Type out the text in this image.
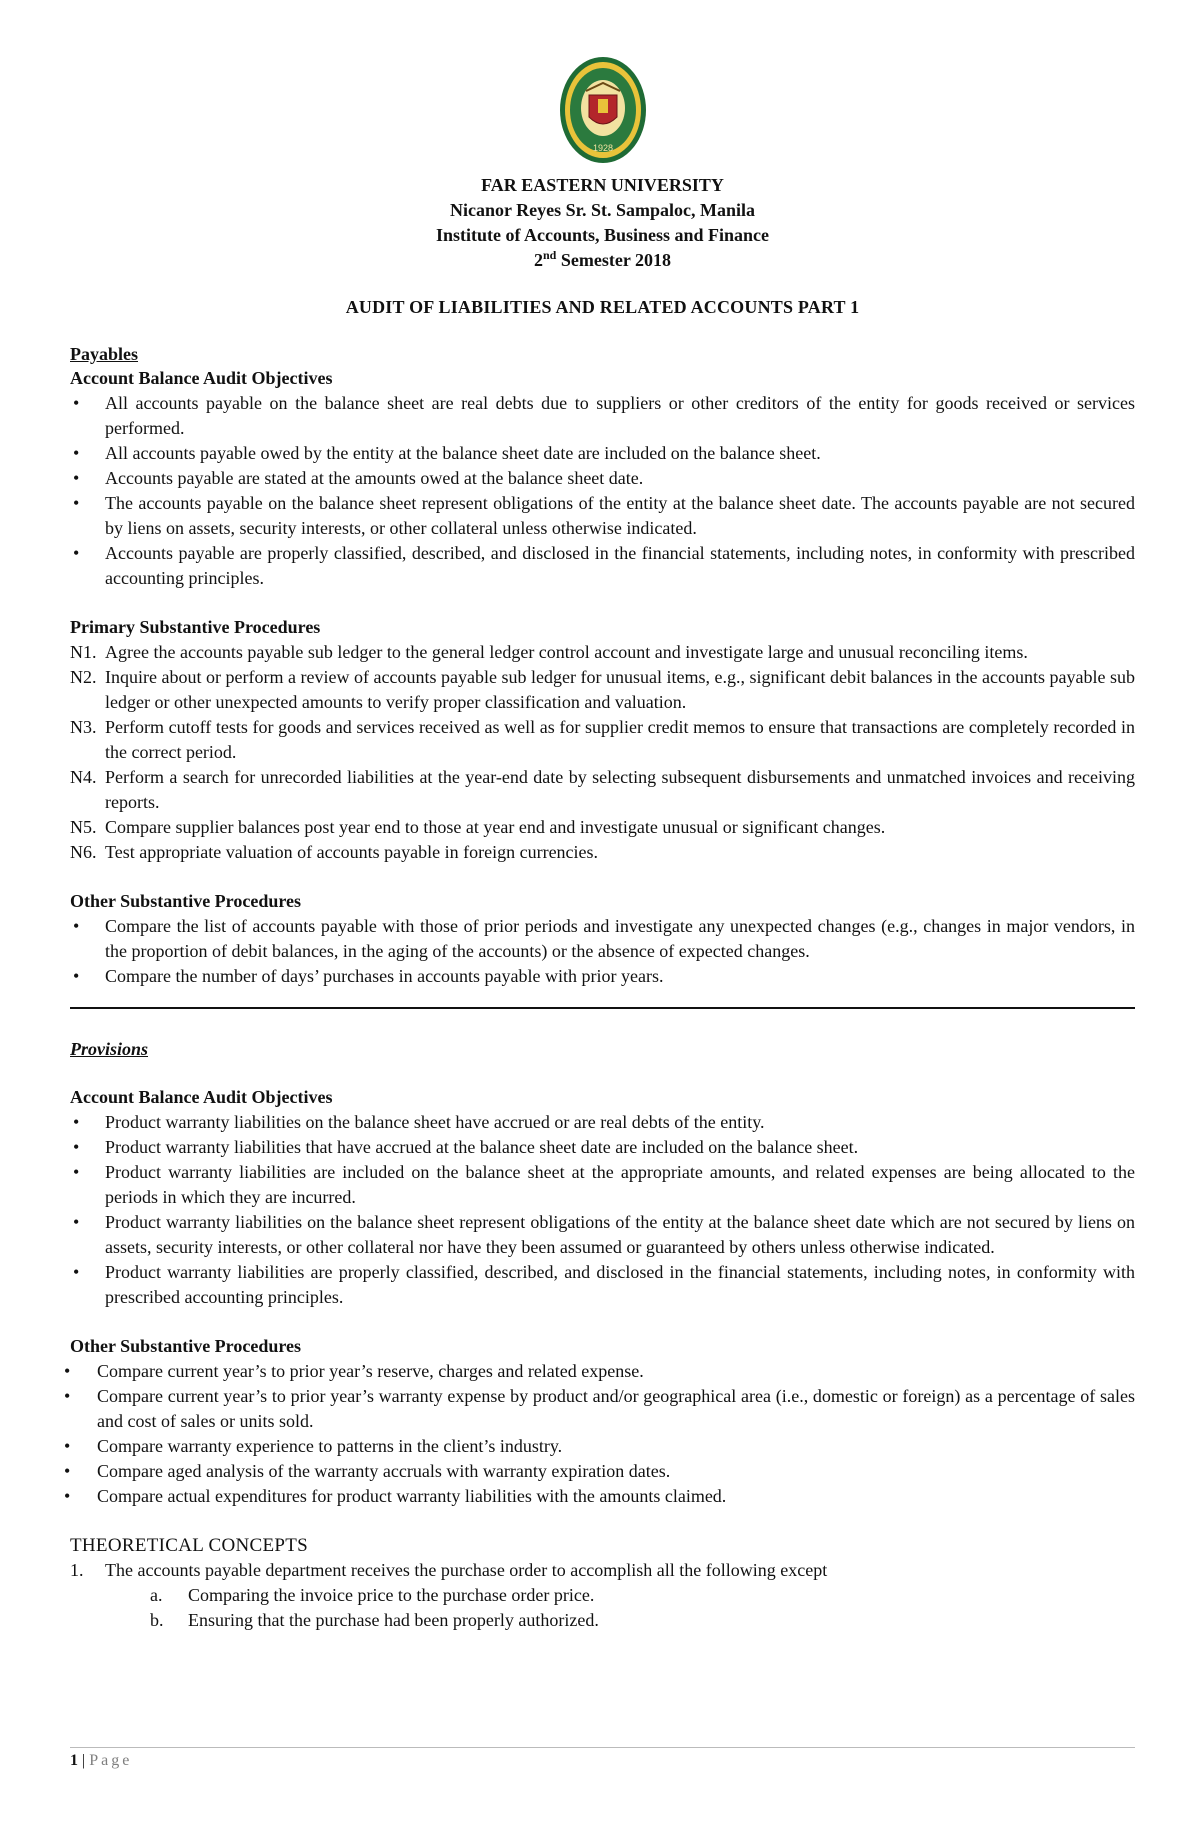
1928
FAR EASTERN UNIVERSITY
Nicanor Reyes Sr. St. Sampaloc, Manila
Institute of Accounts, Business and Finance
2nd Semester 2018
AUDIT OF LIABILITIES AND RELATED ACCOUNTS PART 1
Payables
Account Balance Audit Objectives
• All accounts payable on the balance sheet are real debts due to suppliers or other creditors of the entity for goods received or services performed.
• All accounts payable owed by the entity at the balance sheet date are included on the balance sheet.
• Accounts payable are stated at the amounts owed at the balance sheet date.
• The accounts payable on the balance sheet represent obligations of the entity at the balance sheet date. The accounts payable are not secured by liens on assets, security interests, or other collateral unless otherwise indicated.
• Accounts payable are properly classified, described, and disclosed in the financial statements, including notes, in conformity with prescribed accounting principles.
Primary Substantive Procedures
N1. Agree the accounts payable sub ledger to the general ledger control account and investigate large and unusual reconciling items.
N2. Inquire about or perform a review of accounts payable sub ledger for unusual items, e.g., significant debit balances in the accounts payable sub ledger or other unexpected amounts to verify proper classification and valuation.
N3. Perform cutoff tests for goods and services received as well as for supplier credit memos to ensure that transactions are completely recorded in the correct period.
N4. Perform a search for unrecorded liabilities at the year-end date by selecting subsequent disbursements and unmatched invoices and receiving reports.
N5. Compare supplier balances post year end to those at year end and investigate unusual or significant changes.
N6. Test appropriate valuation of accounts payable in foreign currencies.
Other Substantive Procedures
• Compare the list of accounts payable with those of prior periods and investigate any unexpected changes (e.g., changes in major vendors, in the proportion of debit balances, in the aging of the accounts) or the absence of expected changes.
• Compare the number of days’ purchases in accounts payable with prior years.
Provisions
Account Balance Audit Objectives
• Product warranty liabilities on the balance sheet have accrued or are real debts of the entity.
• Product warranty liabilities that have accrued at the balance sheet date are included on the balance sheet.
• Product warranty liabilities are included on the balance sheet at the appropriate amounts, and related expenses are being allocated to the periods in which they are incurred.
• Product warranty liabilities on the balance sheet represent obligations of the entity at the balance sheet date which are not secured by liens on assets, security interests, or other collateral nor have they been assumed or guaranteed by others unless otherwise indicated.
• Product warranty liabilities are properly classified, described, and disclosed in the financial statements, including notes, in conformity with prescribed accounting principles.
Other Substantive Procedures
• Compare current year’s to prior year’s reserve, charges and related expense.
• Compare current year’s to prior year’s warranty expense by product and/or geographical area (i.e., domestic or foreign) as a percentage of sales and cost of sales or units sold.
• Compare warranty experience to patterns in the client’s industry.
• Compare aged analysis of the warranty accruals with warranty expiration dates.
• Compare actual expenditures for product warranty liabilities with the amounts claimed.
THEORETICAL CONCEPTS
1. The accounts payable department receives the purchase order to accomplish all the following except
a. Comparing the invoice price to the purchase order price.
b. Ensuring that the purchase had been properly authorized.
1 | Page
